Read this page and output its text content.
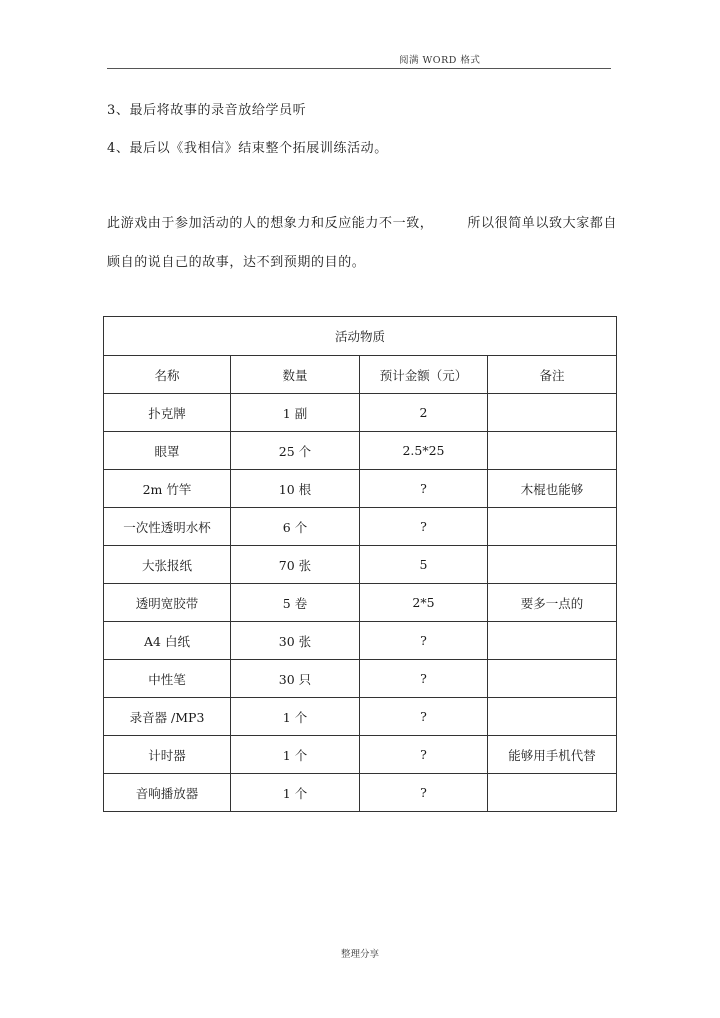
阅满 WORD 格式
3、最后将故事的录音放给学员听
4、最后以《我相信》结束整个拓展训练活动。
此游戏由于参加活动的人的想象力和反应能力不一致，	所以很简单以致大家都自
顾自的说自己的故事，达不到预期的目的。
活动物质			
名称	数量	预计金额（元）	备注
扑克牌	1 副	2	
眼罩	25 个	2.5*25	
2m 竹竿	10 根	?	木棍也能够
一次性透明水杯	6 个	?	
大张报纸	70 张	5	
透明宽胶带	5 卷	2*5	要多一点的
A4 白纸	30 张	?	
中性笔	30 只	?	
录音器 /MP3	1 个	?	
计时器	1 个	?	能够用手机代替
音响播放器	1 个	?	
整理分享
